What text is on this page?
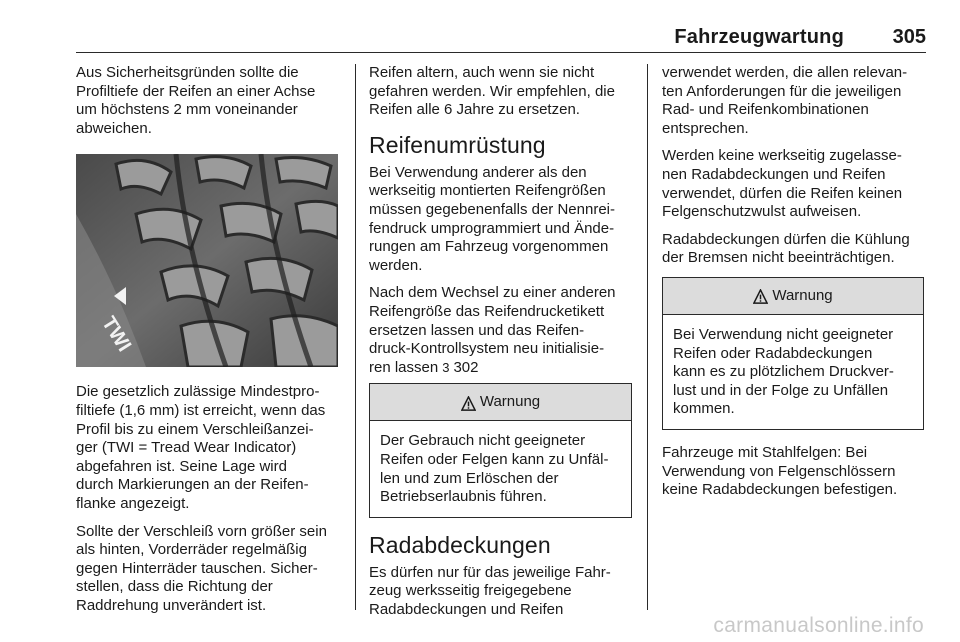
Fahrzeugwartung 305

Aus Sicherheitsgründen sollte die
Profiltiefe der Reifen an einer Achse
um höchstens 2 mm voneinander
abweichen.

TWI

Die gesetzlich zulässige Mindestpro-
filtiefe (1,6 mm) ist erreicht, wenn das
Profil bis zu einem Verschleißanzei-
ger (TWI = Tread Wear Indicator)
abgefahren ist. Seine Lage wird
durch Markierungen an der Reifen-
flanke angezeigt.

Sollte der Verschleiß vorn größer sein
als hinten, Vorderräder regelmäßig
gegen Hinterräder tauschen. Sicher-
stellen, dass die Richtung der
Raddrehung unverändert ist.

Reifen altern, auch wenn sie nicht
gefahren werden. Wir empfehlen, die
Reifen alle 6 Jahre zu ersetzen.

Reifenumrüstung

Bei Verwendung anderer als den
werkseitig montierten Reifengrößen
müssen gegebenenfalls der Nennrei-
fendruck umprogrammiert und Ände-
rungen am Fahrzeug vorgenommen
werden.

Nach dem Wechsel zu einer anderen
Reifengröße das Reifendrucketikett
ersetzen lassen und das Reifen-
druck-Kontrollsystem neu initialisie-
ren lassen 3 302

Warnung
Der Gebrauch nicht geeigneter
Reifen oder Felgen kann zu Unfäl-
len und zum Erlöschen der
Betriebserlaubnis führen.
Radabdeckungen

Es dürfen nur für das jeweilige Fahr-
zeug werksseitig freigegebene
Radabdeckungen und Reifen

verwendet werden, die allen relevan-
ten Anforderungen für die jeweiligen
Rad- und Reifenkombinationen
entsprechen.

Werden keine werkseitig zugelasse-
nen Radabdeckungen und Reifen
verwendet, dürfen die Reifen keinen
Felgenschutzwulst aufweisen.

Radabdeckungen dürfen die Kühlung
der Bremsen nicht beeinträchtigen.

Warnung
Bei Verwendung nicht geeigneter
Reifen oder Radabdeckungen
kann es zu plötzlichem Druckver-
lust und in der Folge zu Unfällen
kommen.

Fahrzeuge mit Stahlfelgen: Bei
Verwendung von Felgenschlössern
keine Radabdeckungen befestigen.

carmanualsonline.info
